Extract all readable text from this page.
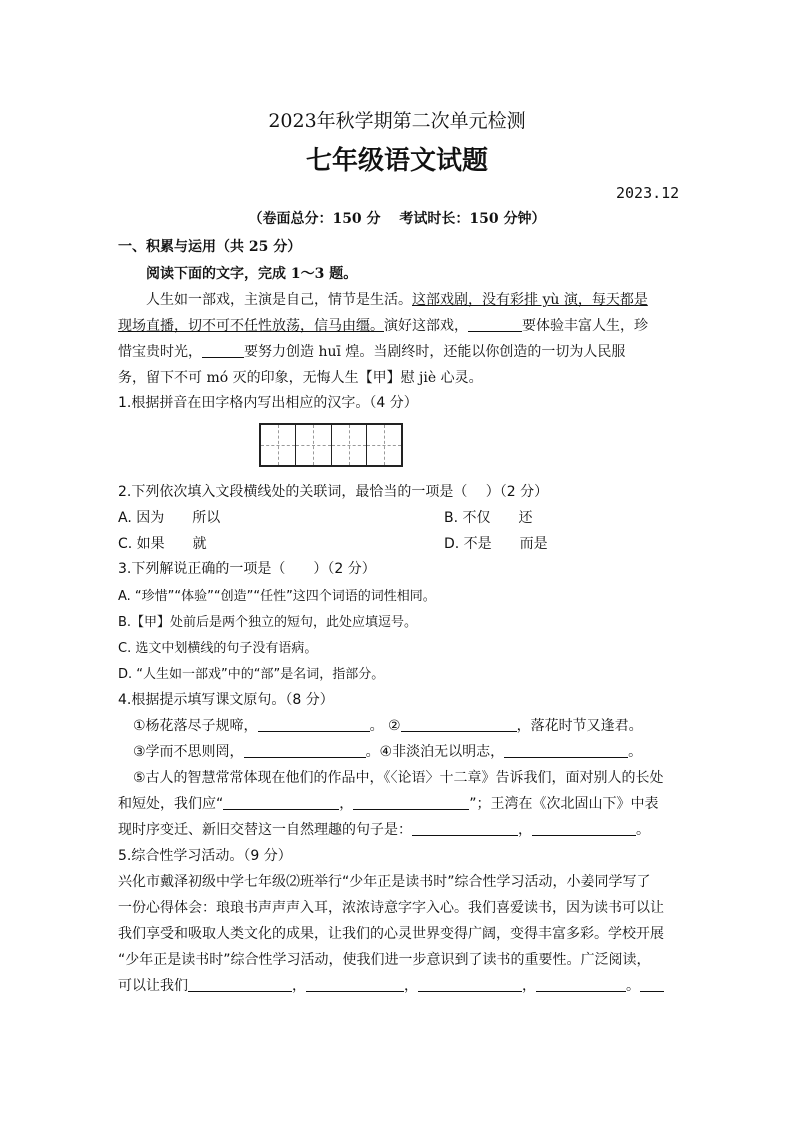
2023年秋学期第二次单元检测
七年级语文试题
2023.12
（卷面总分：150 分　 考试时长：150 分钟）
一、积累与运用（共 25 分）
阅读下面的文字，完成 1～3 题。
人生如一部戏，主演是自己，情节是生活。这部戏剧，没有彩排 yù 演，每天都是
现场直播，切不可不任性放荡，信马由缰。演好这部戏，	要体验丰富人生，珍
惜宝贵时光，	要努力创造 huī 煌。当剧终时，还能以你创造的一切为人民服
务，留下不可 mó 灭的印象，无悔人生【甲】慰 jiè 心灵。
1.根据拼音在田字格内写出相应的汉字。（4 分）
2.下列依次填入文段横线处的关联词，最恰当的一项是（　 ）（2 分）
A. 因为　　所以	B. 不仅　　还
C. 如果　　就	D. 不是　　而是
3.下列解说正确的一项是（　　）（2 分）
A. “珍惜”“体验”“创造”“任性”这四个词语的词性相同。
B.【甲】处前后是两个独立的短句，此处应填逗号。
C. 选文中划横线的句子没有语病。
D. “人生如一部戏”中的“部”是名词，指部分。
4.根据提示填写课文原句。（8 分）
①杨花落尽子规啼，	。 ②	，落花时节又逢君。
③学而不思则罔，	。④非淡泊无以明志，	。
⑤古人的智慧常常体现在他们的作品中，《〈论语〉十二章》告诉我们，面对别人的长处
和短处，我们应“	，	”；王湾在《次北固山下》中表
现时序变迁、新旧交替这一自然理趣的句子是：	，	。
5.综合性学习活动。（9 分）
兴化市戴泽初级中学七年级⑵班举行“少年正是读书时”综合性学习活动，小姜同学写了
一份心得体会：琅琅书声声声入耳，浓浓诗意字字入心。我们喜爱读书，因为读书可以让
我们享受和吸取人类文化的成果，让我们的心灵世界变得广阔，变得丰富多彩。学校开展
“少年正是读书时”综合性学习活动，使我们进一步意识到了读书的重要性。广泛阅读，
可以让我们	，	，	，	。
